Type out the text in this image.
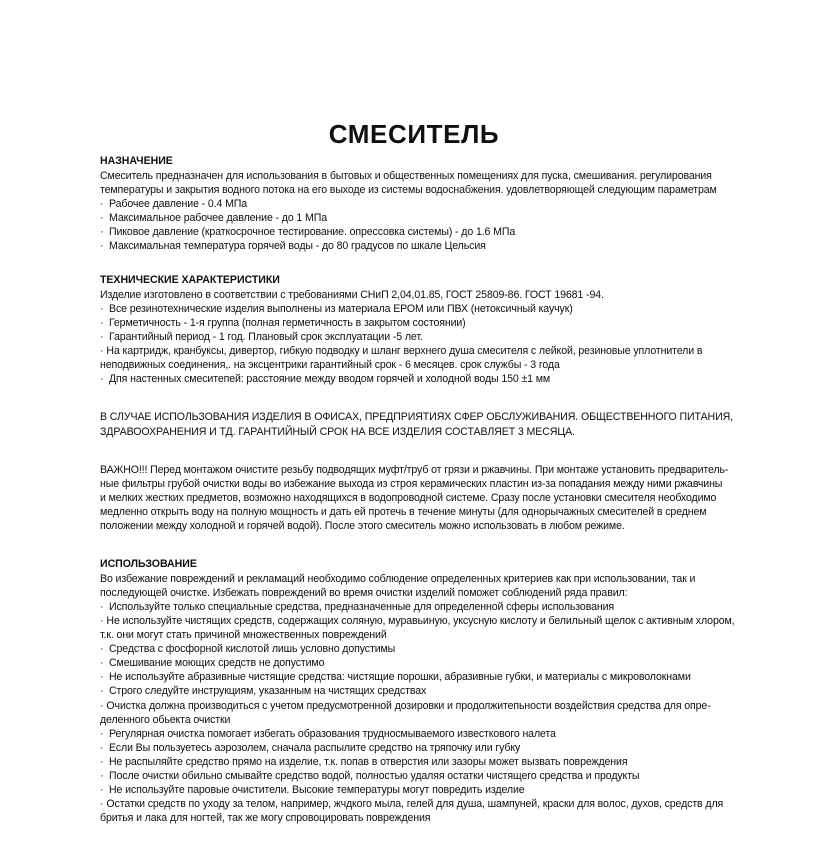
СМЕСИТЕЛЬ
НАЗНАЧЕНИЕ

Смеситель предназначен для использования в бытовых и общественных помещениях для пуска, смешивания. регулирования

температуры и закрытия водного потока на его выходе из системы водоснабжения. удовлетворяющей следующим параметрам

· Рабочее давление - 0.4 МПа
· Максимальное рабочее давление - до 1 МПа
· Пиковое давление (краткосрочное тестирование. опрессовка системы) - до 1.6 МПа
· Максимальная температура горячей воды - до 80 градусов по шкале Цельсия
ТЕХНИЧЕСКИЕ ХАРАКТЕРИСТИКИ

Изделие изготовлено в соответствии с требованиями СНиП 2,04,01.85, ГОСТ 25809-86. ГОСТ 19681 -94.

· Все резинотехнические изделия выполнены из материала ЕРОМ или ПВХ (нетоксичный каучук)
· Герметичность - 1-я группа (полная герметичность в закрытом состоянии)
· Гарантийный период - 1 год. Плановый срок эксплуатации -5 лет.
· На картридж, кранбуксы, дивертор, гибкую подводку и шланг верхнего душа смесителя с лейкой, резиновые уплотнители в неподвижных соединения,. на эксцентрики гарантийный срок - 6 месяцев. срок службы - 3 года
· Дпя настенных смеситепей: расстояние между вводом горячей и холодной воды 150 ±1 мм

В СЛУЧАЕ ИСПОЛЬЗОВАНИЯ ИЗДЕЛИЯ В ОФИСАХ, ПРЕДПРИЯТИЯХ СФЕР ОБСЛУЖИВАНИЯ. ОБЩЕСТВЕННОГО ПИТАНИЯ,

ЗДРАВООХРАНЕНИЯ И ТД. ГАРАНТИЙНЫЙ СРОК НА ВСЕ ИЗДЕЛИЯ СОСТАВЛЯЕТ 3 МЕСЯЦА.

ВАЖНО!!! Перед монтажом очистите резьбу подводящих муфт/труб от грязи и ржавчины. При монтаже установить предваритель-

ные фильтры грубой очистки воды во избежание выхода из строя керамических пластин из-за попадания между ними ржавчины

и мелких жестких предметов, возможно находящихся в водопроводной системе. Сразу после установки смесителя необходимо

медленно открыть воду на полную мощность и дать ей протечь в течение минуты (для однорычажных смесителей в среднем

положении между холодной и горячей водой). После этого смеситель можно использовать в любом режиме.

ИСПОЛЬЗОВАНИЕ

Во избежание повреждений и рекламаций необходимо соблюдение определенных критериев как при использовании, так и

последующей очистке. Избежать повреждений во время очистки изделий поможет соблюдений ряда правил:

· Используйте только специальные средства, предназначенные для определенной сферы использования
· Не используйте чистящих средств, содержащих соляную, муравьиную, уксусную кислоту и белильный щелок с активным хлором, т.к. они могут стать причиной множественных повреждений
· Средства с фосфорной кислотой лишь условно допустимы
· Смешивание моющих средств не допустимо
· Не используйте абразивные чистящие средства: чистящие порошки, абразивные губки, и материалы с микроволокнами
· Строго следуйте инструкциям, указанным на чистящих средствах
· Очистка должна производиться с учетом предусмотренной дозировки и продолжитепьности воздействия средства для опре-деленного обьекта очистки
· Регулярная очистка помогает избегать образования трудносмываемого известкового налета
· Если Вы пользуетесь аэрозолем, сначала распылите средство на тряпочку или губку
· Не распыляйте средство прямо на изделие, т.к. попав в отверстия или зазоры может вызвать повреждения
· После очистки обильно смывайте средство водой, полностью удаляя остатки чистящего средства и продукты
· Не используйте паровые очистители. Высокие температуры могут повредить изделие
· Остатки средств по уходу за телом, например, жчдкого мыла, гелей для душа, шампуней, краски для волос, духов, средств для бритья и лака для ногтей, так же могу спровоцировать повреждения
